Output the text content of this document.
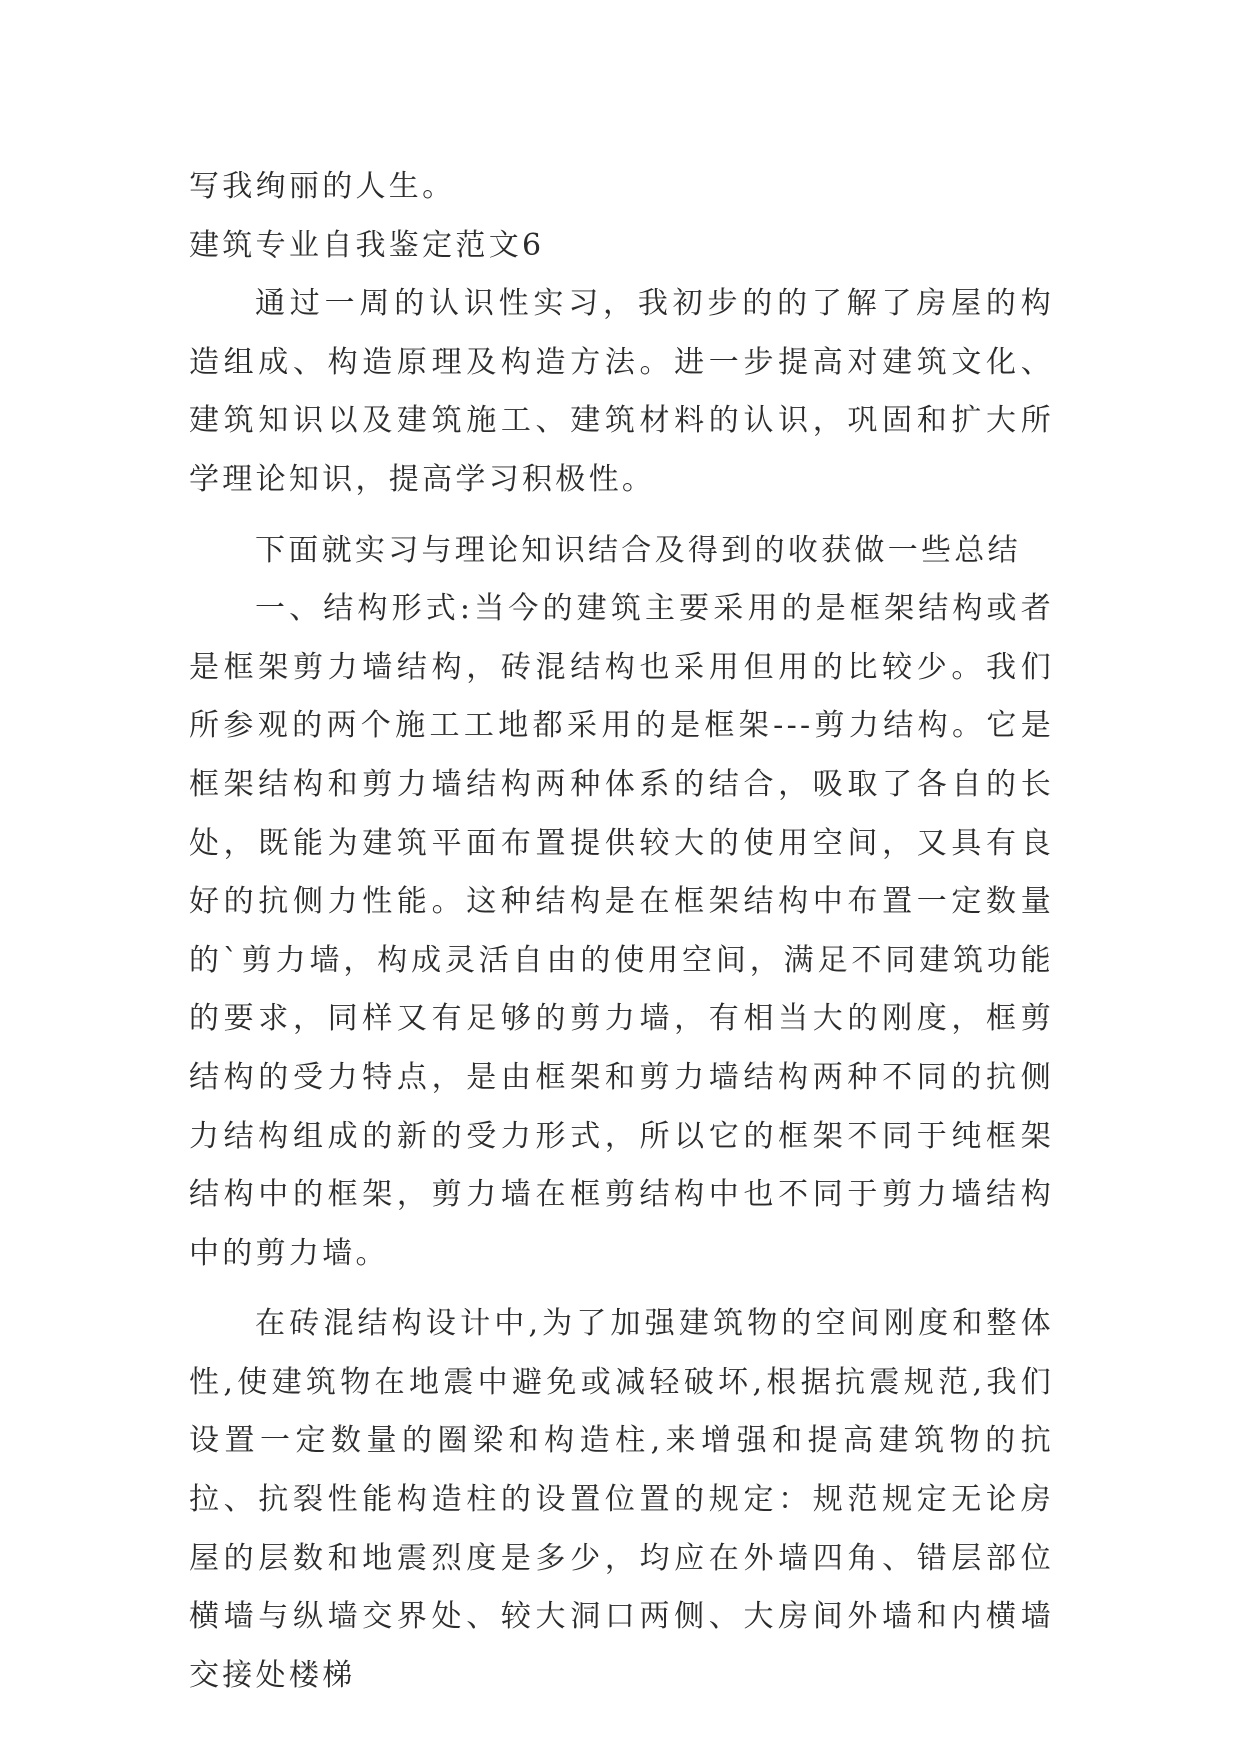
写我绚丽的人生。

建筑专业自我鉴定范文6

通过一周的认识性实习，我初步的的了解了房屋的构造组成、构造原理及构造方法。进一步提高对建筑文化、建筑知识以及建筑施工、建筑材料的认识，巩固和扩大所学理论知识，提高学习积极性。

下面就实习与理论知识结合及得到的收获做一些总结

一、结构形式:当今的建筑主要采用的是框架结构或者是框架剪力墙结构，砖混结构也采用但用的比较少。我们所参观的两个施工工地都采用的是框架---剪力结构。它是框架结构和剪力墙结构两种体系的结合，吸取了各自的长处，既能为建筑平面布置提供较大的使用空间，又具有良好的抗侧力性能。这种结构是在框架结构中布置一定数量的`剪力墙，构成灵活自由的使用空间，满足不同建筑功能的要求，同样又有足够的剪力墙，有相当大的刚度，框剪结构的受力特点，是由框架和剪力墙结构两种不同的抗侧力结构组成的新的受力形式，所以它的框架不同于纯框架结构中的框架，剪力墙在框剪结构中也不同于剪力墙结构中的剪力墙。

在砖混结构设计中,为了加强建筑物的空间刚度和整体性,使建筑物在地震中避免或减轻破坏,根据抗震规范,我们设置一定数量的圈梁和构造柱,来增强和提高建筑物的抗拉、抗裂性能构造柱的设置位置的规定：规范规定无论房屋的层数和地震烈度是多少，均应在外墙四角、错层部位横墙与纵墙交界处、较大洞口两侧、大房间外墙和内横墙交接处楼梯
